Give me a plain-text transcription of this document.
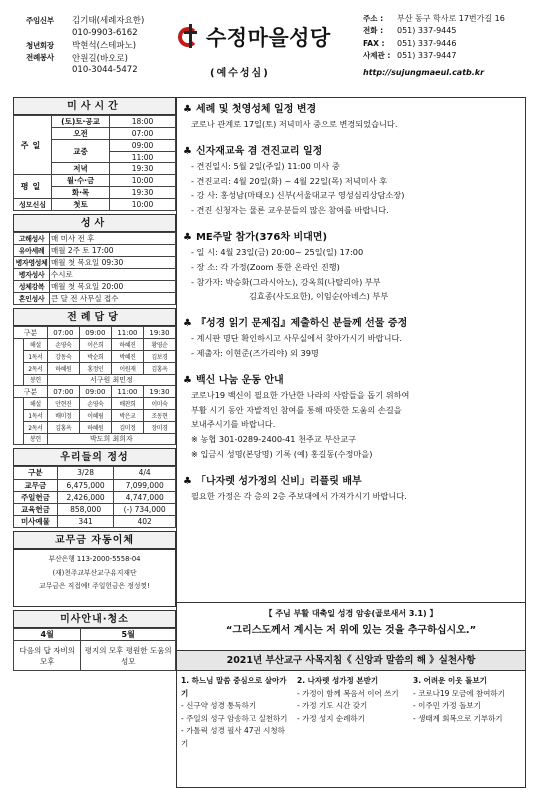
주임신부	김기태(세례자요한)
010-9903-6162
청년회장	박현석(스테파노)
전례봉사	안원길(바오로)
010-3044-5472
수정마을성당
(예수성심)
주소 :	부산 동구 학사로 17번가길 16
전화 :	051) 337-9445
FAX :	051) 337-9446
사제관 : 051) 337-9447
http://sujungmaeul.catb.kr
미사시간
주일	(토)토·공교	18:00
	오전	07:00
	교중	09:00
		11:00
	저녁	19:30
평일	월·수·금	10:00
	화·목	19:30
성모신심	첫토	10:00
성사
고해성사	매 미사 전 후
유아세례	매월 2주 토 17:00
병자영성체	매월 첫 목요일 09:30
병자성사	수시로
성체강복	매월 첫 목요일 20:00
혼인성사	큰 달 전 사무실 접수
전례담당
구분		07:00	09:00	11:00	19:30
	해설	손영숙	이은희	하혜진	황영순
	1독서	강동숙	박순희	박혜진	김보경
	2독서	하혜원	홍정인	이원재	김홍옥
	봉헌	서구원 최민정			
구분		07:00	09:00	11:00	19:30
	해설	안현진	손영숙	배찬희	이미숙
	1독서	배미정	이혜림	박은교	조동현
	2독서	김홍옥	하혜원	김미정	장미경
	봉헌	박도희 최희자			
우리들의 정성
구분	3/28	4/4
교무금	6,475,000	7,099,000
주일헌금	2,426,000	4,747,000
교육헌금	858,000	(-) 734,000
미사예물	341	402
교무금 자동이체
부산은행 113-2000-5558-04
(재)천주교부산교구유지재단
교무금은 직접예! 주일헌금은 정성껏!
미사안내·청소
4월	5월
다음의 답 자비의 모후	평지의 모후 평원한 도움의 성모
♣ 세례 및 첫영성체 일정 변경
코로나 관계로 17일(토) 저녁미사 중으로 변경되었습니다.
♣ 신자재교육 겸 견진교리 일정
- 견진일시: 5월 2일(주일) 11:00 미사 중
- 견진교리: 4월 20일(화) ~ 4월 22일(목) 저녁미사 후
- 강 사: 홍성남(마태오) 신부(서울대교구 영성심리상담소장)
- 견진 신청자는 물론 교우분들의 많은 참여를 바랍니다.
♣ ME주말 참가(376차 비대면)
- 일 시: 4월 23일(금) 20:00~ 25일(일) 17:00
- 장 소: 각 가정(Zoom 통한 온라인 진행)
- 참가자: 박승화(그라시아노), 강옥희(나탈리아) 부부
김효종(사도요한), 이임순(아녜스) 부부
♣ 『성경 읽기 문제집』제출하신 분들께 선물 증정
- 계시판 명단 확인하시고 사무실에서 찾아가시기 바랍니다.
- 제출자: 이현준(즈가리야) 외 39명
♣ 백신 나눔 운동 안내
코로나19 백신이 필요한 가난한 나라의 사람들을 돕기 위하여
부활 시기 동안 자발적인 참여를 통해 따뜻한 도움의 손길을
보내주시기를 바랍니다.
※ 농협 301-0289-2400-41 천주교 부산교구
※ 입금시 성명(본당명) 기록 (예) 홍길동(수정마을)
♣ 「나자렛 성가정의 신비」리플릿 배부
필요한 가정은 각 층의 2층 주보대에서 가져가시기 바랍니다.
【 주님 부활 대축일 성경 암송(골로새서 3.1) 】
“그리스도께서 계시는 저 위에 있는 것을 추구하십시오.”
2021년 부산교구 사목지침《 신앙과 말씀의 해 》실천사항
1. 하느님 말씀 중심으로 살아가기
- 신구약 성경 통독하기
- 주일의 성구 암송하고 실천하기
- 가톨릭 성경 필사 47권 시청하기
2. 나자렛 성가정 본받기
- 가정이 함께 복음서 이어 쓰기
- 가정 기도 시간 갖기
- 가정 성지 순례하기
3. 어려운 이웃 돌보기
- 코로나19 모금에 참여하기
- 이주민 가정 돌보기
- 생태계 회복으로 기부하기
